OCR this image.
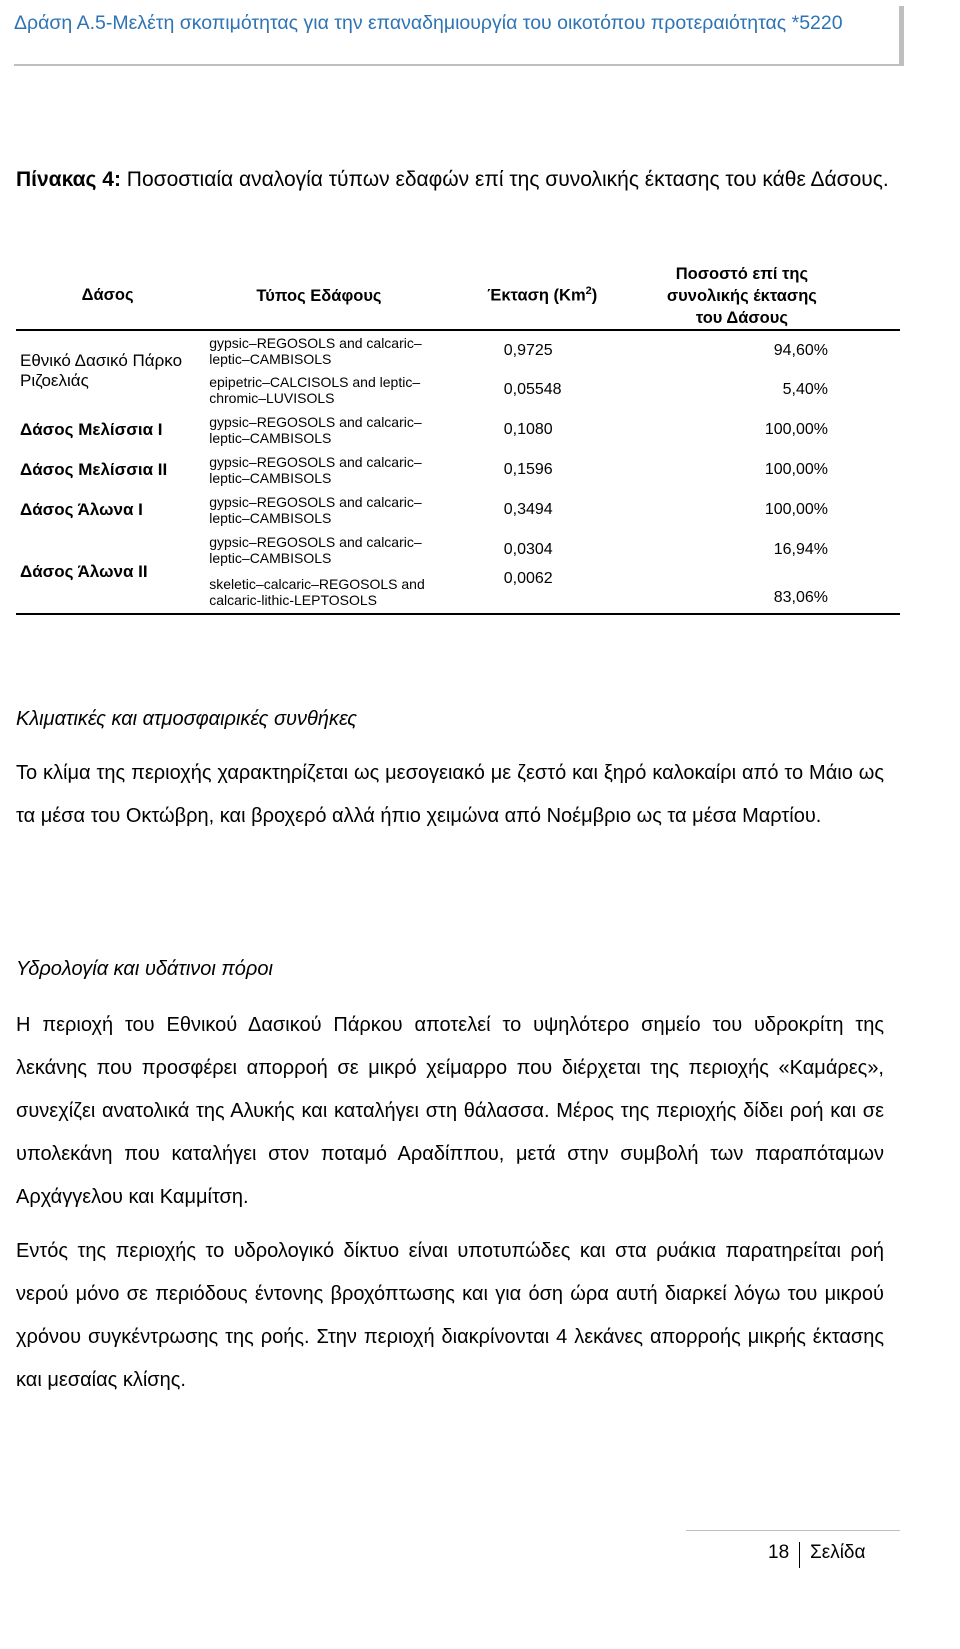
Δράση Α.5-Μελέτη σκοπιμότητας για την επαναδημιουργία του οικοτόπου προτεραιότητας *5220
Πίνακας 4: Ποσοστιαία αναλογία τύπων εδαφών επί της συνολικής έκτασης του κάθε Δάσους.
Δάσος	Τύπος Εδάφους	Έκταση (Km$^2$)	Ποσοστό επί της συνολικής έκτασης του Δάσους
Εθνικό Δασικό Πάρκο Ριζοελιάς	gypsic–REGOSOLS and calcaric–leptic–CAMBISOLS	0,9725	94,60%
	epipetric–CALCISOLS and leptic–chromic–LUVISOLS	0,05548	5,40%
Δάσος Μελίσσια Ι	gypsic–REGOSOLS and calcaric–leptic–CAMBISOLS	0,1080	100,00%
Δάσος Μελίσσια ΙΙ	gypsic–REGOSOLS and calcaric–leptic–CAMBISOLS	0,1596	100,00%
Δάσος Άλωνα Ι	gypsic–REGOSOLS and calcaric–leptic–CAMBISOLS	0,3494	100,00%
Δάσος Άλωνα ΙΙ	gypsic–REGOSOLS and calcaric–leptic–CAMBISOLS	0,0304	16,94%
	skeletic–calcaric–REGOSOLS and calcaric-lithic-LEPTOSOLS	0,0062	83,06%
Κλιματικές και ατμοσφαιρικές συνθήκες
Το κλίμα της περιοχής χαρακτηρίζεται ως μεσογειακό με ζεστό και ξηρό καλοκαίρι από το Μάιο ως τα μέσα του Οκτώβρη, και βροχερό αλλά ήπιο χειμώνα από Νοέμβριο ως τα μέσα Μαρτίου.
Υδρολογία και υδάτινοι πόροι
Η περιοχή του Εθνικού Δασικού Πάρκου αποτελεί το υψηλότερο σημείο του υδροκρίτη της λεκάνης που προσφέρει απορροή σε μικρό χείμαρρο που διέρχεται της περιοχής «Καμάρες», συνεχίζει ανατολικά της Αλυκής και καταλήγει στη θάλασσα. Μέρος της περιοχής δίδει ροή και σε υπολεκάνη που καταλήγει στον ποταμό Αραδίππου, μετά στην συμβολή των παραπόταμων Αρχάγγελου και Καμμίτση.
Εντός της περιοχής το υδρολογικό δίκτυο είναι υποτυπώδες και στα ρυάκια παρατηρείται ροή νερού μόνο σε περιόδους έντονης βροχόπτωσης και για όση ώρα αυτή διαρκεί λόγω του μικρού χρόνου συγκέντρωσης της ροής. Στην περιοχή διακρίνονται 4 λεκάνες απορροής μικρής έκτασης και μεσαίας κλίσης.
18 Σελίδα
